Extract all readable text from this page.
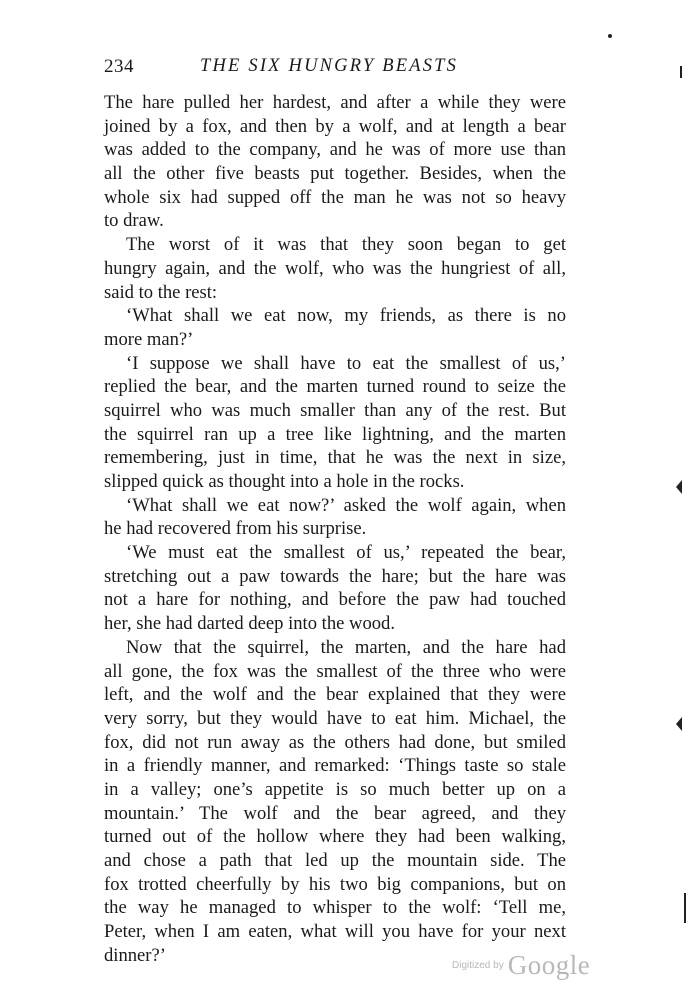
234	THE SIX HUNGRY BEASTS
The hare pulled her hardest, and after a while they were
joined by a fox, and then by a wolf, and at length a bear
was added to the company, and he was of more use than
all the other five beasts put together. Besides, when the
whole six had supped off the man he was not so heavy
to draw.
The worst of it was that they soon began to get
hungry again, and the wolf, who was the hungriest of all,
said to the rest:
‘What shall we eat now, my friends, as there is no
more man?’
‘I suppose we shall have to eat the smallest of us,’
replied the bear, and the marten turned round to seize the
squirrel who was much smaller than any of the rest. But
the squirrel ran up a tree like lightning, and the marten
remembering, just in time, that he was the next in size,
slipped quick as thought into a hole in the rocks.
‘What shall we eat now?’ asked the wolf again, when
he had recovered from his surprise.
‘We must eat the smallest of us,’ repeated the bear,
stretching out a paw towards the hare; but the hare was
not a hare for nothing, and before the paw had touched
her, she had darted deep into the wood.
Now that the squirrel, the marten, and the hare had
all gone, the fox was the smallest of the three who were
left, and the wolf and the bear explained that they were
very sorry, but they would have to eat him. Michael, the
fox, did not run away as the others had done, but smiled
in a friendly manner, and remarked: ‘Things taste so stale
in a valley; one’s appetite is so much better up on a
mountain.’ The wolf and the bear agreed, and they
turned out of the hollow where they had been walking,
and chose a path that led up the mountain side. The
fox trotted cheerfully by his two big companions, but on
the way he managed to whisper to the wolf: ‘Tell me,
Peter, when I am eaten, what will you have for your next
dinner?’	Digitized by Google
